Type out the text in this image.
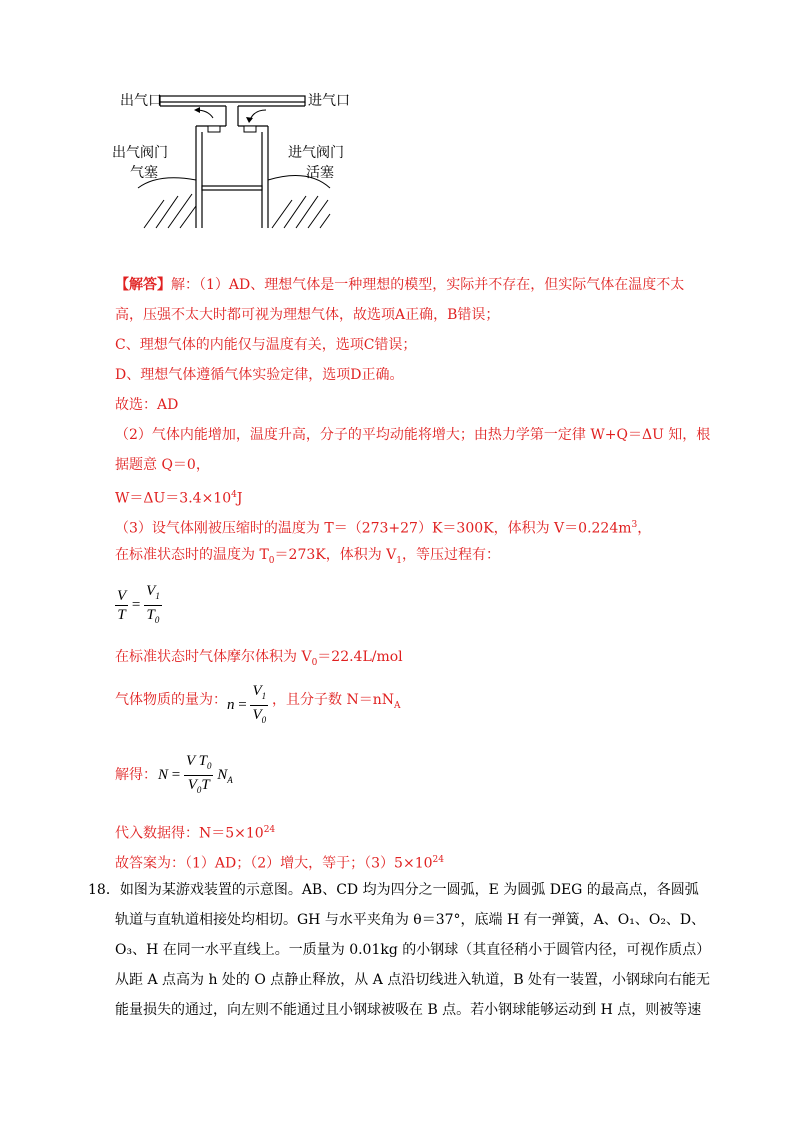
出气口	进气口
出气阀门	进气阀门
气塞	活塞
【解答】解：（1）AD、理想气体是一种理想的模型，实际并不存在，但实际气体在温度不太
高，压强不太大时都可视为理想气体，故选项A正确，B错误；
C、理想气体的内能仅与温度有关，选项C错误；
D、理想气体遵循气体实验定律，选项D正确。
故选：AD
（2）气体内能增加，温度升高，分子的平均动能将增大；由热力学第一定律 W+Q＝ΔU 知，根
据题意 Q＝0，
$W=\Delta U=3.4\times 10^4J$
（3）设气体刚被压缩时的温度为 T＝（273+27）K＝300K，体积为 $V=0.224m^3$，
在标准状态时的温度为 $T_0=273K$，体积为 $V_1$，等压过程有：
$\frac{V}{T} = \frac{V_1}{T_0}$
在标准状态时气体摩尔体积为 $V_0=22.4L$/mol
气体物质的量为： $n = \frac{V_1}{V_0}$ ，且分子数 $N=nN_A$
解得： $N = \frac{V T_0}{V_0T} N_A$
代入数据得：$N=5\times 10^{24}$
故答案为：（1）AD；（2）增大，等于；$(3)5\times 10^{24}$
18．如图为某游戏装置的示意图。AB、CD 均为四分之一圆弧，E 为圆弧 DEG 的最高点，各圆弧
轨道与直轨道相接处均相切。GH 与水平夹角为 θ＝37°，底端 H 有一弹簧，A、O₁、O₂、D、
O₃、H 在同一水平直线上。一质量为 0.01kg 的小钢球（其直径稍小于圆管内径，可视作质点）
从距 A 点高为 h 处的 O 点静止释放，从 A 点沿切线进入轨道，B 处有一装置，小钢球向右能无
能量损失的通过，向左则不能通过且小钢球被吸在 B 点。若小钢球能够运动到 H 点，则被等速
